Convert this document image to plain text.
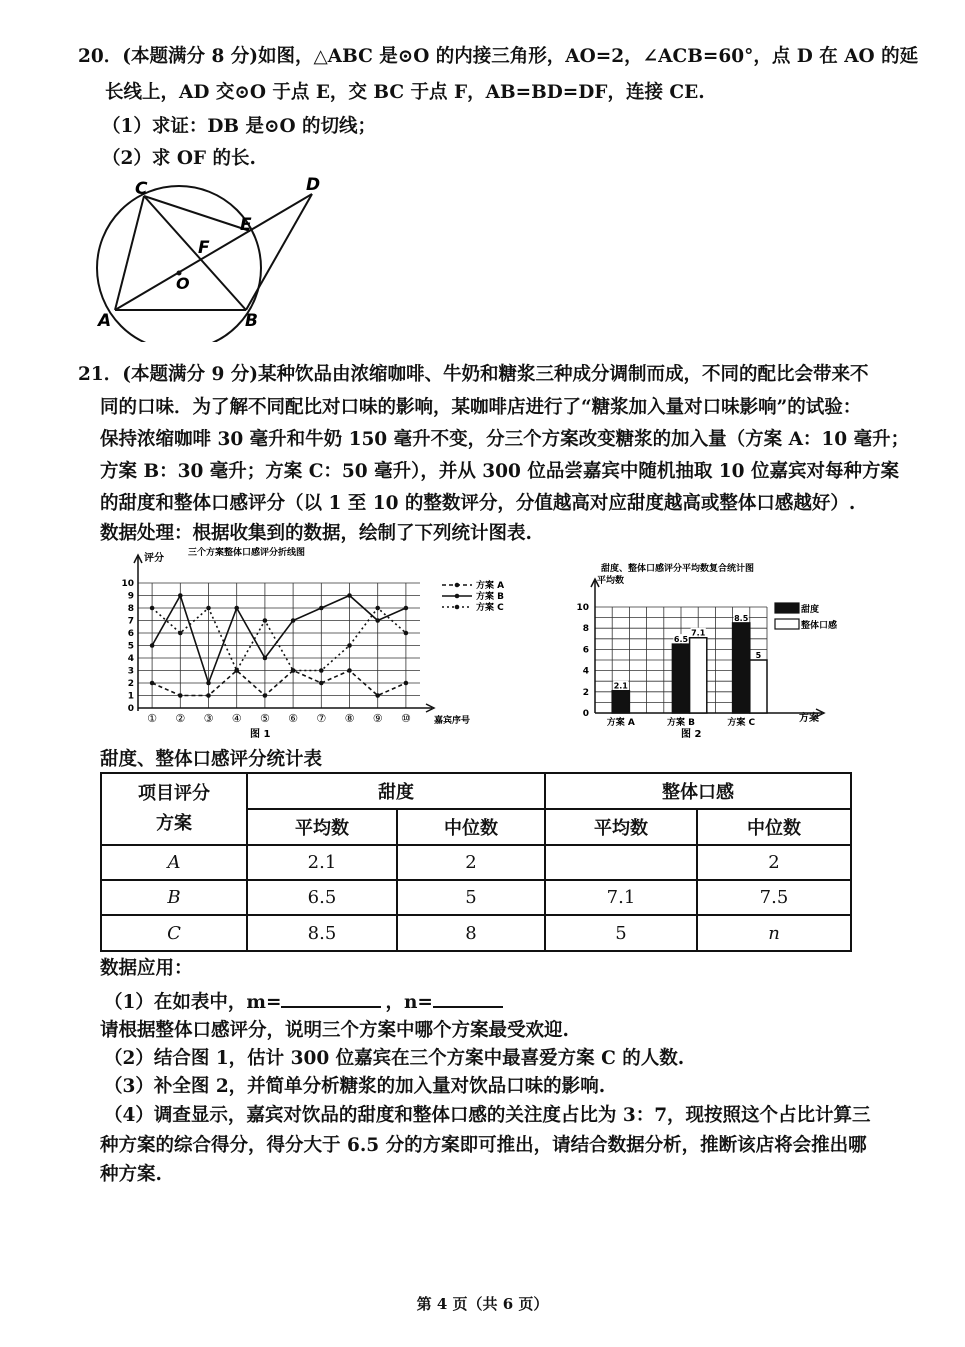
20．(本题满分 8 分)如图，△ABC 是⊙O 的内接三角形，AO=2，∠ACB=60°，点 D 在 AO 的延
长线上，AD 交⊙O 于点 E，交 BC 于点 F，AB=BD=DF，连接 CE.
（1）求证：DB 是⊙O 的切线；
（2）求 OF 的长.
C	D
E
F
O
A	B
21．(本题满分 9 分)某种饮品由浓缩咖啡、牛奶和糖浆三种成分调制而成，不同的配比会带来不
同的口味．为了解不同配比对口味的影响，某咖啡店进行了“糖浆加入量对口味影响”的试验：
保持浓缩咖啡 30 毫升和牛奶 150 毫升不变，分三个方案改变糖浆的加入量（方案 A：10 毫升；
方案 B：30 毫升；方案 C：50 毫升），并从 300 位品尝嘉宾中随机抽取 10 位嘉宾对每种方案
的甜度和整体口感评分（以 1 至 10 的整数评分，分值越高对应甜度越高或整体口感越好）.
数据处理：根据收集到的数据，绘制了下列统计图表.
三个方案整体口感评分折线图
评分
嘉宾序号
图 1
1
2
3
4
5
6
7
8
9
10
0
① ② ③ ④ ⑤ ⑥ ⑦ ⑧ ⑨ ⑩
方案 A
方案 B
方案 C
甜度、整体口感评分平均数复合统计图
平均数
方案
图 2
0
2
4
6
8
10
方案 A
2.1
方案 B
6.5
7.1
方案 C
8.5
5
甜度
整体口感
甜度、整体口感评分统计表
项目评分
方案	甜度		整体口感	
	平均数	中位数	平均数	中位数
A	2.1	2		2
B	6.5	5	7.1	7.5
C	8.5	8	5	n
数据应用：
（1）在如表中，m=	，n=
请根据整体口感评分，说明三个方案中哪个方案最受欢迎.
（2）结合图 1，估计 300 位嘉宾在三个方案中最喜爱方案 C 的人数.
（3）补全图 2，并简单分析糖浆的加入量对饮品口味的影响.
（4）调查显示，嘉宾对饮品的甜度和整体口感的关注度占比为 3：7，现按照这个占比计算三
种方案的综合得分，得分大于 6.5 分的方案即可推出，请结合数据分析，推断该店将会推出哪
种方案.
第 4 页（共 6 页）
